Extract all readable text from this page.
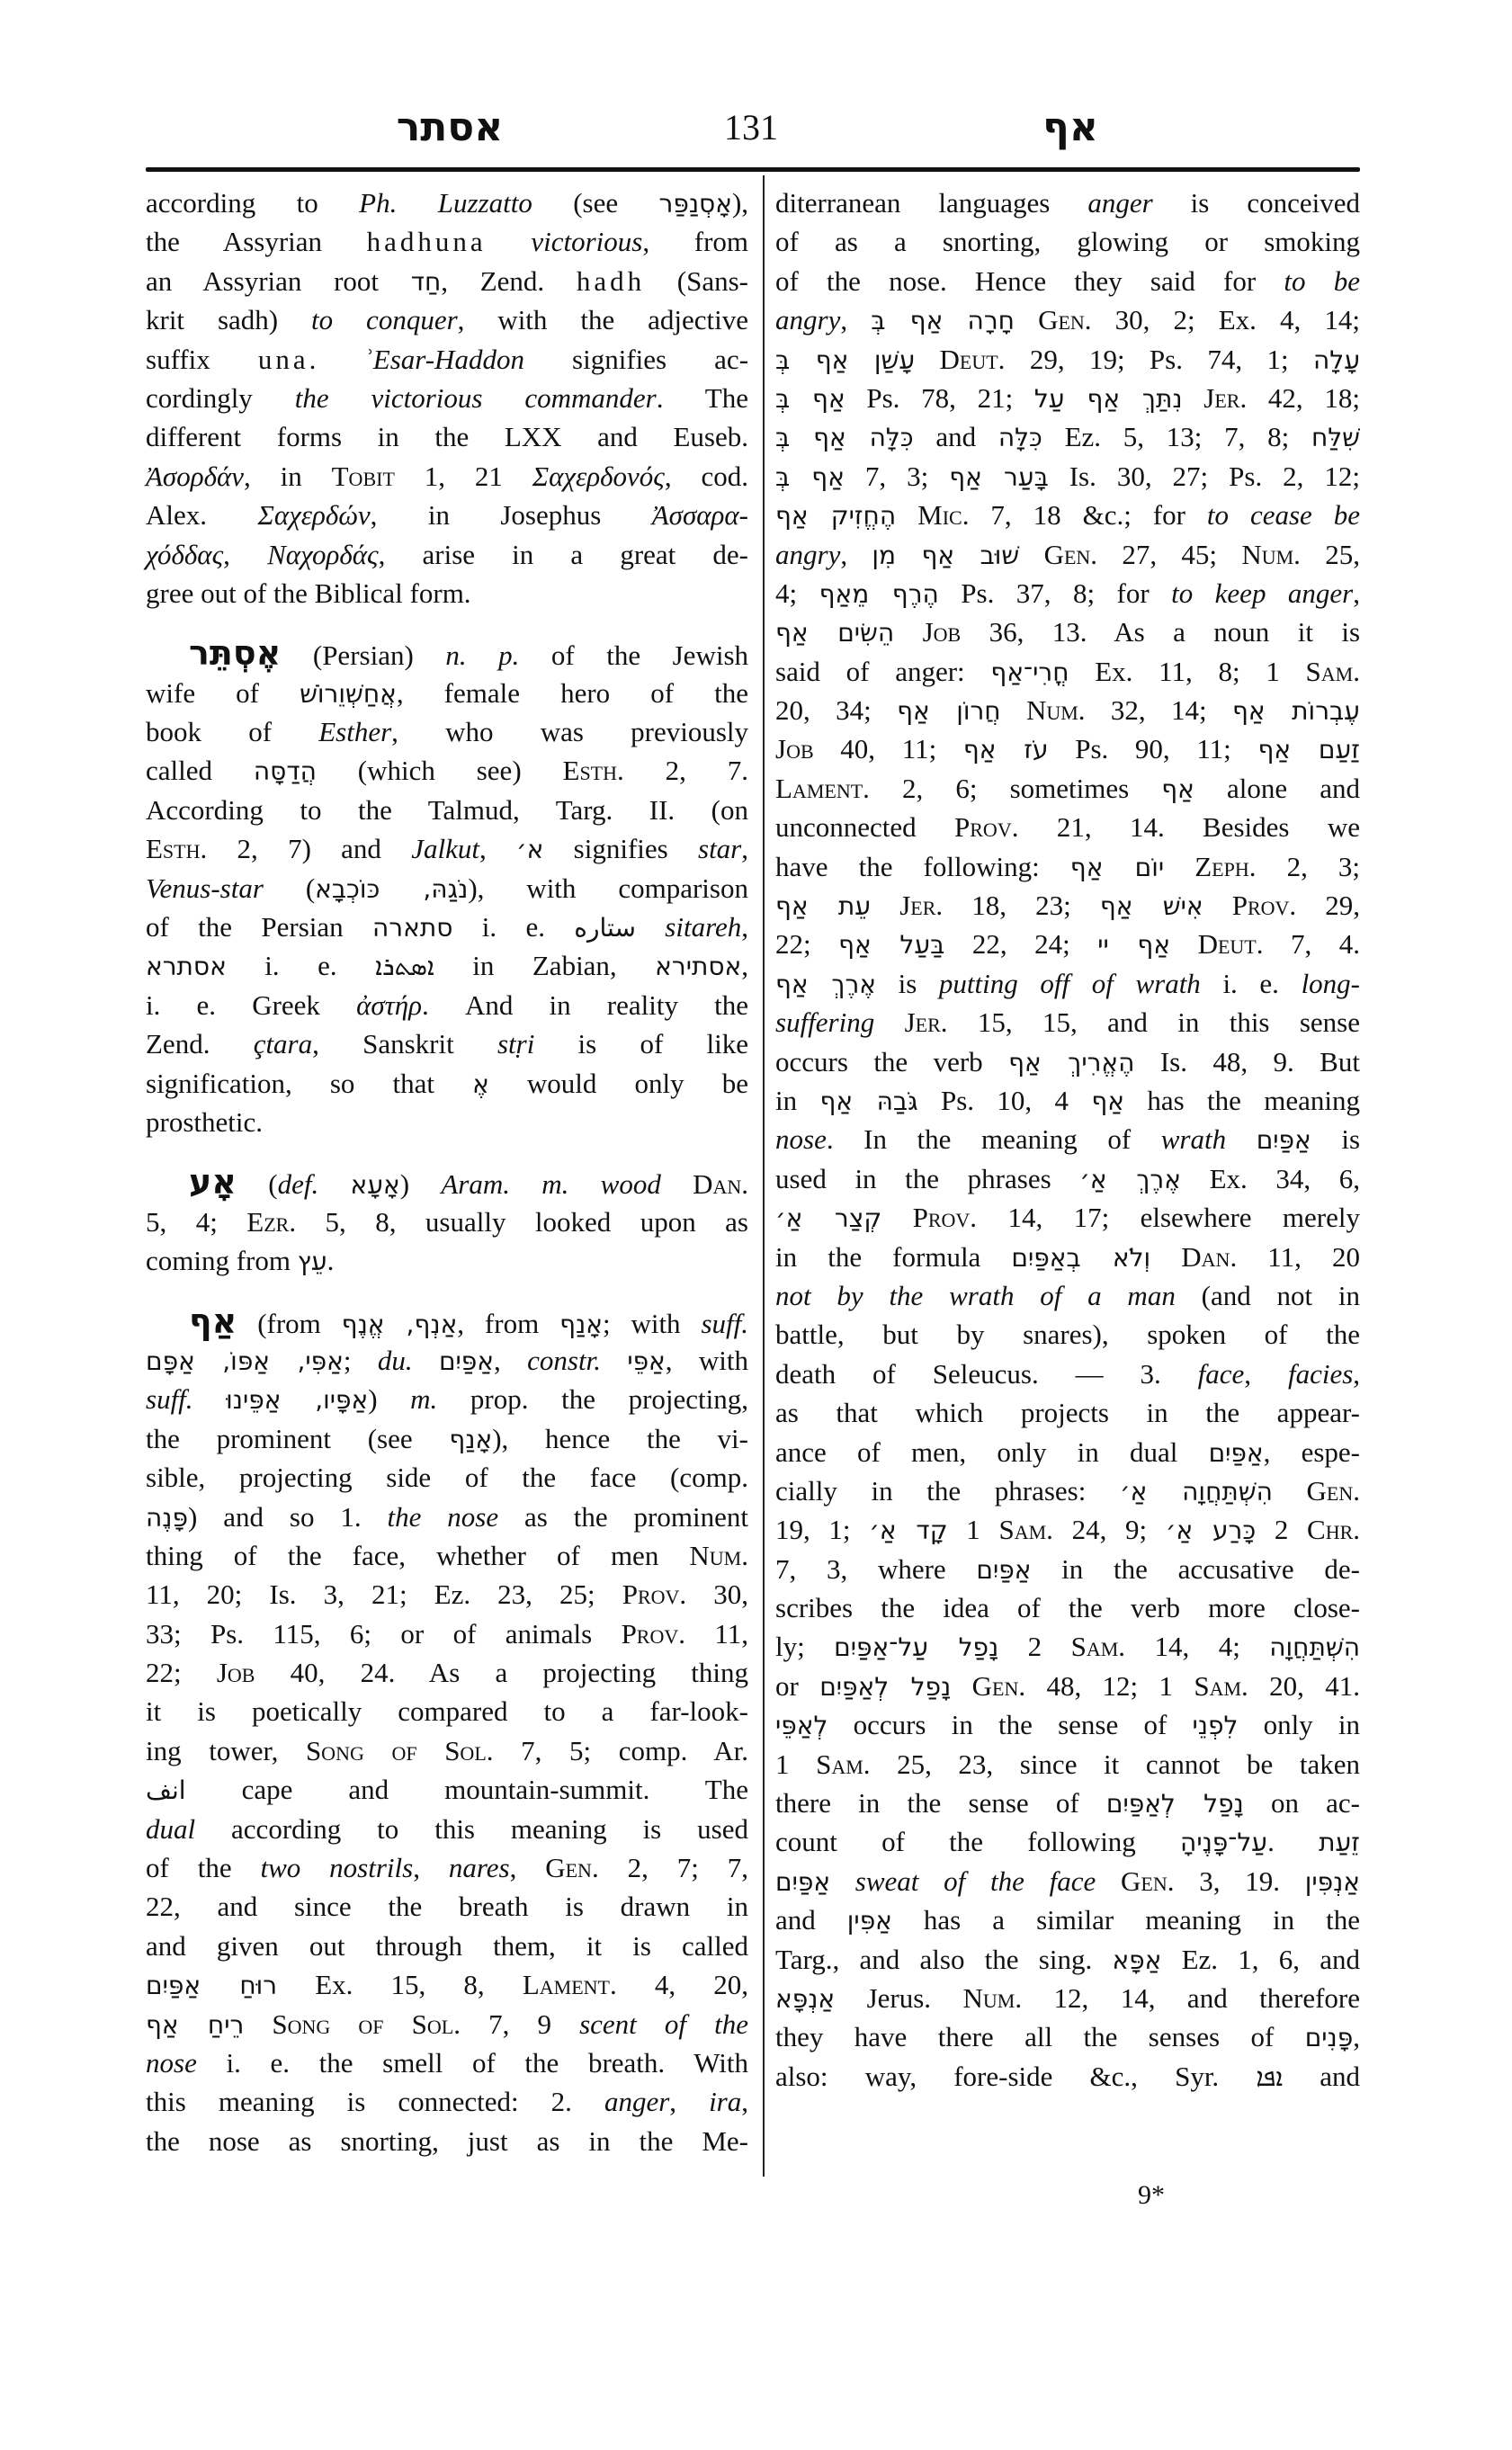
אסתר	131	אף
according to Ph. Luzzatto (see אָסְנַפַּר),
the Assyrian hadhuna victorious, from
an Assyrian root חַד, Zend. hadh (Sans-
krit sadh) to conquer, with the adjective
suffix una. ʾEsar-Haddon signifies ac-
cordingly the victorious commander. The
different forms in the LXX and Euseb.
Ἀσορδάν, in Tobit 1, 21 Σαχερδονός, cod.
Alex. Σαχερδών, in Josephus Ἀσσαρα-
χόδδας, Ναχορδάς, arise in a great de-
gree out of the Biblical form.
אֶסְתֵּר (Persian) n. p. of the Jewish
wife of אֲחַשְׁוֵרוֹשׁ, female hero of the
book of Esther, who was previously
called הֲדַסָּה (which see) Esth. 2, 7.
According to the Talmud, Targ. II. (on
Esth. 2, 7) and Jalkut, א׳ signifies star,
Venus-star (נֹגַהּ, כּוֹכְבָא), with comparison
of the Persian סתארה i. e. ستاره sitareh,
אסתרא i. e. ܐܣܬܪܐ in Zabian, אסתירא,
i. e. Greek ἀστήρ. And in reality the
Zend. çtara, Sanskrit stṛi is of like
signification, so that אֶ would only be
prosthetic.
אָע (def. אָעָא) Aram. m. wood Dan.
5, 4; Ezr. 5, 8, usually looked upon as
coming from עֵץ.
אַף (from אַנְף, אֱנֶף, from אָנַף; with suff.
אַפִּי, אַפּוֹ, אַפָּם; du. אַפַּיִם, constr. אַפֵּי, with
suff. אַפָּיו, אַפֵּינוּ) m. prop. the projecting,
the prominent (see אָנַף), hence the vi-
sible, projecting side of the face (comp.
פָּנֶה) and so 1. the nose as the prominent
thing of the face, whether of men Num.
11, 20; Is. 3, 21; Ez. 23, 25; Prov. 30,
33; Ps. 115, 6; or of animals Prov. 11,
22; Job 40, 24. As a projecting thing
it is poetically compared to a far-look-
ing tower, Song of Sol. 7, 5; comp. Ar.
انف cape and mountain-summit. The
dual according to this meaning is used
of the two nostrils, nares, Gen. 2, 7; 7,
22, and since the breath is drawn in
and given out through them, it is called
רוּחַ אַפַּיִם Ex. 15, 8, Lament. 4, 20,
רֵיחַ אַף Song of Sol. 7, 9 scent of the
nose i. e. the smell of the breath. With
this meaning is connected: 2. anger, ira,
the nose as snorting, just as in the Me-
diterranean languages anger is conceived
of as a snorting, glowing or smoking
of the nose. Hence they said for to be
angry, חָרָה אַף בְּ Gen. 30, 2; Ex. 4, 14;
עָשַׁן אַף בְּ Deut. 29, 19; Ps. 74, 1; עָלָה
אַף בְּ Ps. 78, 21; נִתַּךְ אַף עַל Jer. 42, 18;
כִּלָּה אַף בְּ and כִּלָּה Ez. 5, 13; 7, 8; שִׁלַּח
אַף בְּ 7, 3; בָּעַר אַף Is. 30, 27; Ps. 2, 12;
הֶחֱזִיק אַף Mic. 7, 18 &c.; for to cease be
angry, שׁוּב אַף מִן Gen. 27, 45; Num. 25,
4; הֶרֶף מֵאַף Ps. 37, 8; for to keep anger,
הֵשִׂים אַף Job 36, 13. As a noun it is
said of anger: חֳרִי־אַף Ex. 11, 8; 1 Sam.
20, 34; חֲרוֹן אַף Num. 32, 14; עֶבְרוֹת אַף
Job 40, 11; עֹז אַף Ps. 90, 11; זַעַם אַף
Lament. 2, 6; sometimes אַף alone and
unconnected Prov. 21, 14. Besides we
have the following: יוֹם אַף Zeph. 2, 3;
עֵת אַף Jer. 18, 23; אִישׁ אַף Prov. 29,
22; בַּעַל אַף 22, 24; אַף יי Deut. 7, 4.
אֶרֶךְ אַף is putting off of wrath i. e. long-
suffering Jer. 15, 15, and in this sense
occurs the verb הֶאֱרִיךְ אַף Is. 48, 9. But
in גֹּבַהּ אַף Ps. 10, 4 אַף has the meaning
nose. In the meaning of wrath אַפַּיִם is
used in the phrases אֶרֶךְ אַ׳ Ex. 34, 6,
קְצַר אַ׳ Prov. 14, 17; elsewhere merely
in the formula וְלֹא בְאַפַּיִם Dan. 11, 20
not by the wrath of a man (and not in
battle, but by snares), spoken of the
death of Seleucus. — 3. face, facies,
as that which projects in the appear-
ance of men, only in dual אַפַּיִם, espe-
cially in the phrases: הִשְׁתַּחֲוָה אַ׳ Gen.
19, 1; קָד אַ׳ 1 Sam. 24, 9; כָּרַע אַ׳ 2 Chr.
7, 3, where אַפַּיִם in the accusative de-
scribes the idea of the verb more close-
ly; נָפַל עַל־אַפַּיִם 2 Sam. 14, 4; הִשְׁתַּחֲוָה
or נָפַל לְאַפַּיִם Gen. 48, 12; 1 Sam. 20, 41.
לְאַפֵּי occurs in the sense of לִפְנֵי only in
1 Sam. 25, 23, since it cannot be taken
there in the sense of נָפַל לְאַפַּיִם on ac-
count of the following עַל־פָּנֶיהָ. זֵעַת
אַפַּיִם sweat of the face Gen. 3, 19. אַנְפִּין
and אַפִּין has a similar meaning in the
Targ., and also the sing. אַפָּא Ez. 1, 6, and
אַנְפָּא Jerus. Num. 12, 14, and therefore
they have there all the senses of פָּנִים,
also: way, fore-side &c., Syr. ܐܦܐ and
9*
